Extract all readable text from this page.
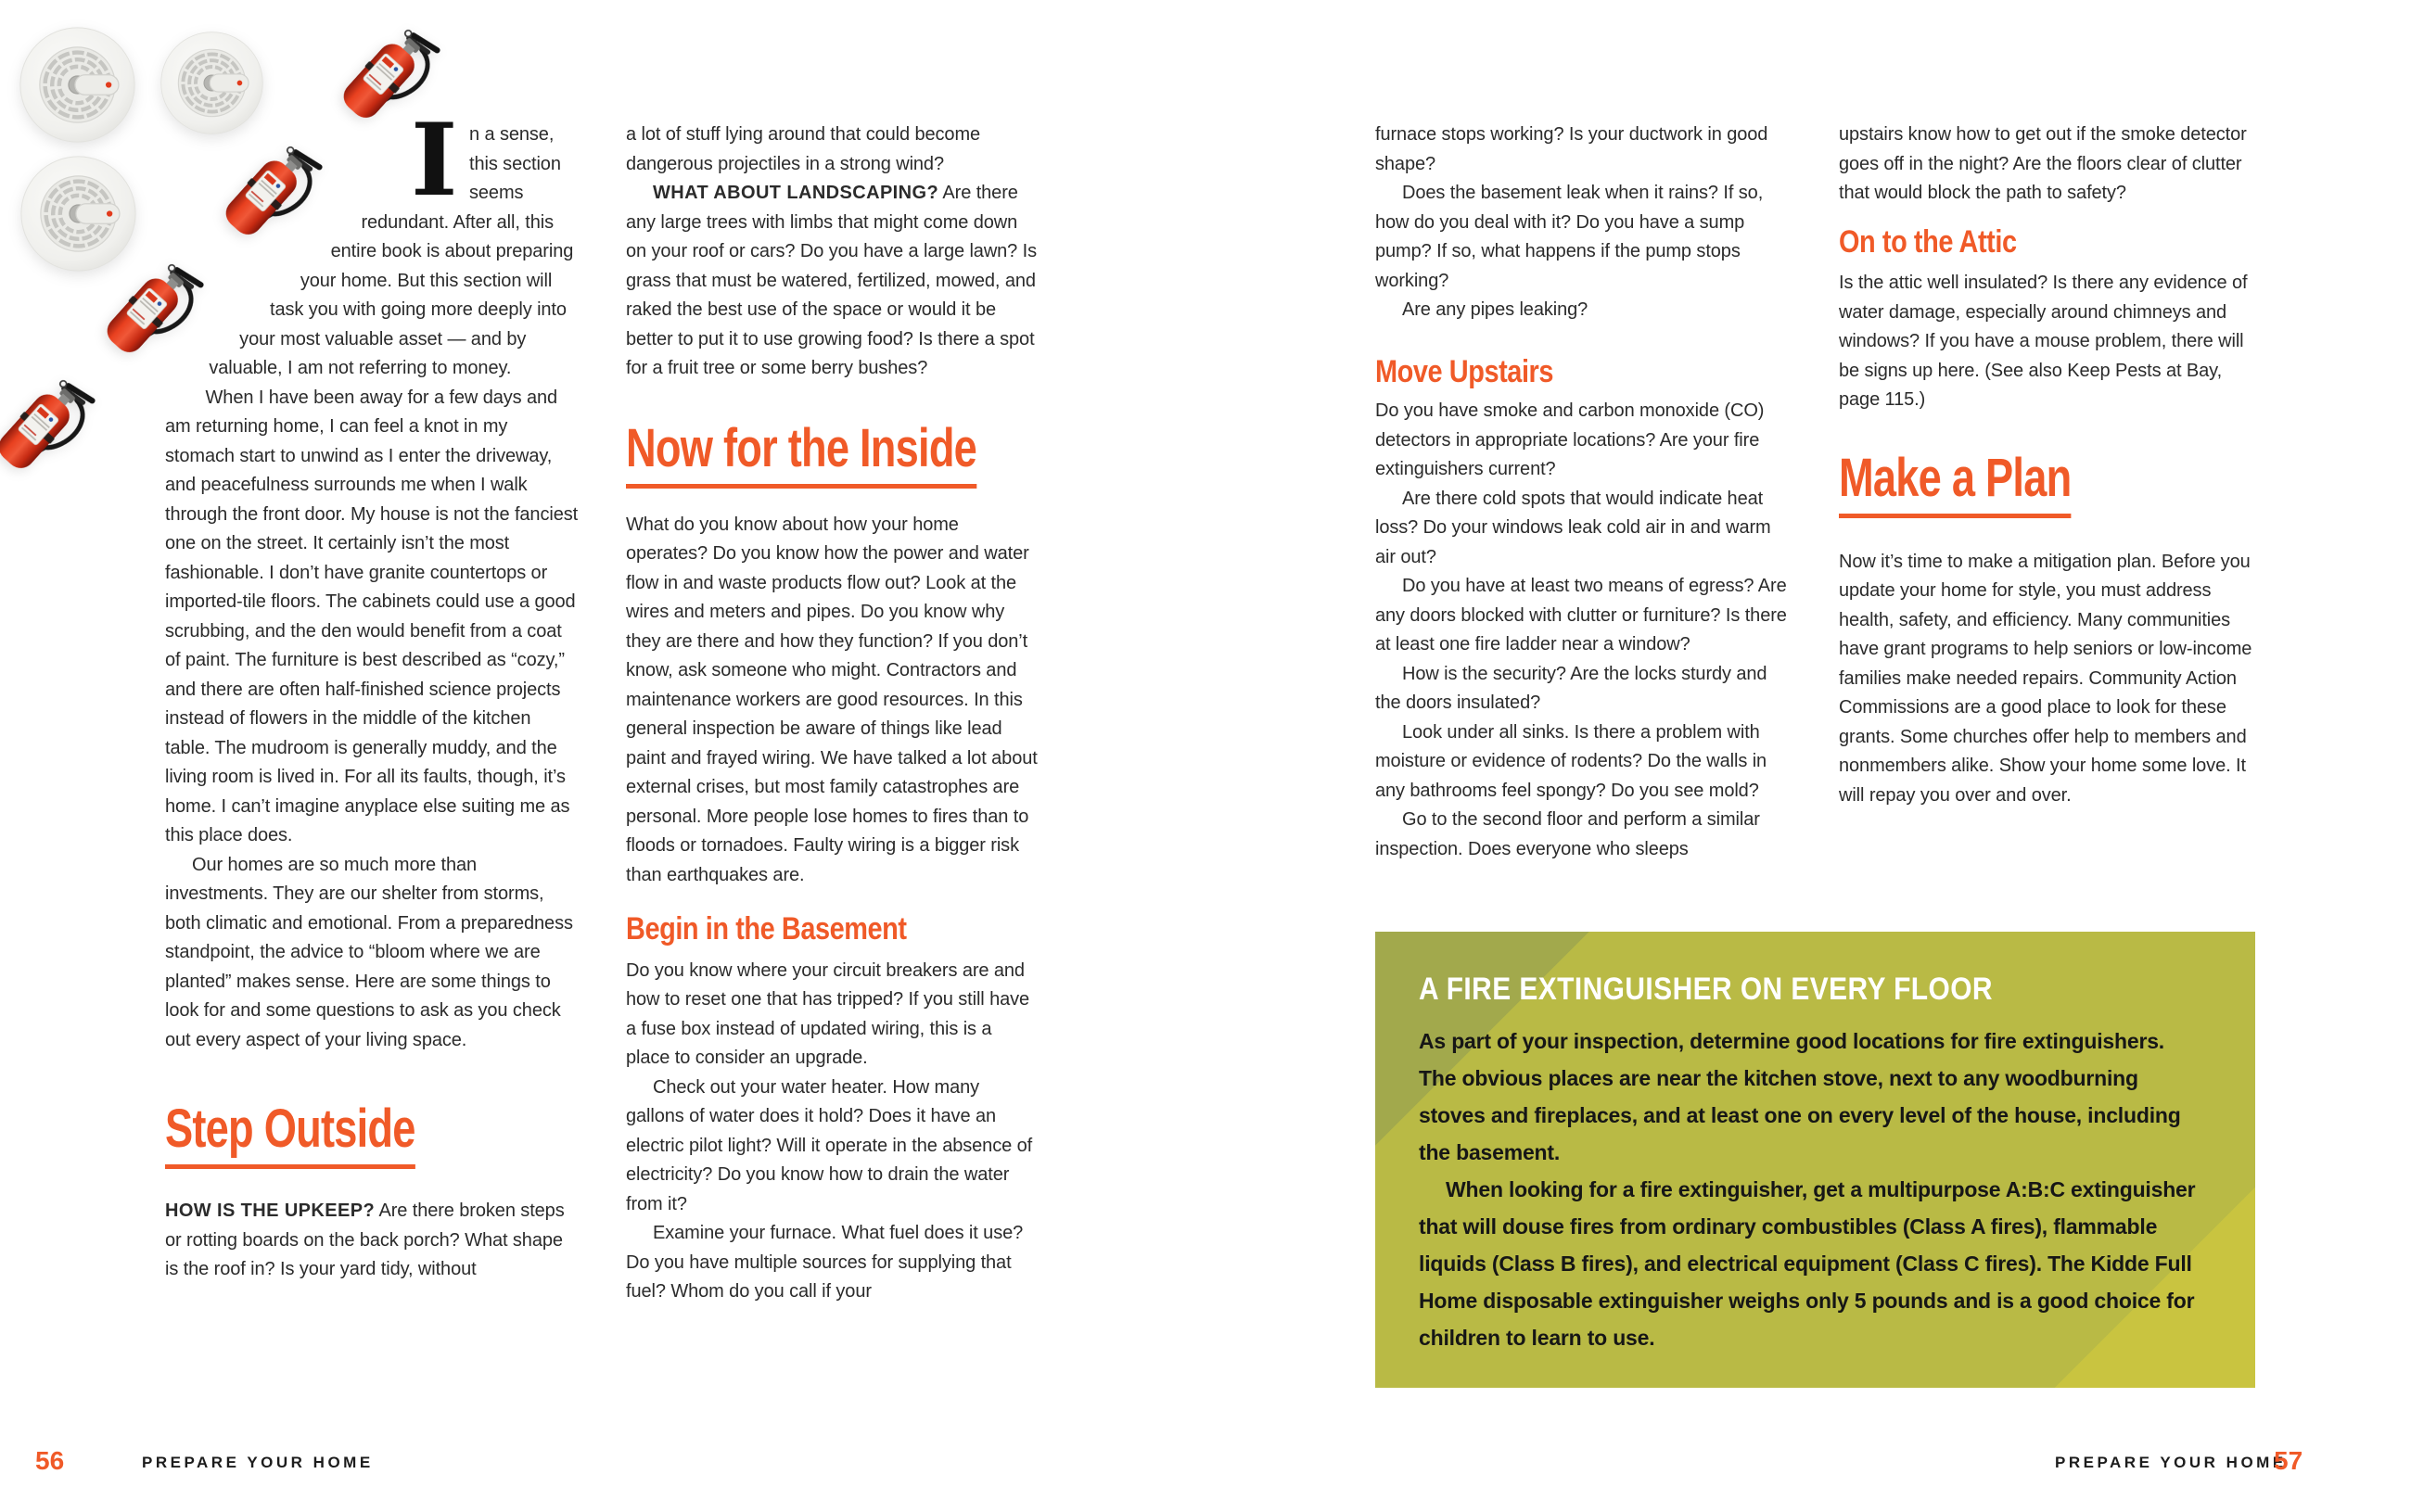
I n a sense, this section seems redundant. After all, this entire book is about preparing your home. But this section will task you with going more deeply into your most valuable asset — and by valuable, I am not referring to money.

When I have been away for a few days and am returning home, I can feel a knot in my stomach start to unwind as I enter the driveway, and peacefulness surrounds me when I walk through the front door. My house is not the fanciest one on the street. It certainly isn’t the most fashionable. I don’t have granite countertops or imported-tile floors. The cabinets could use a good scrubbing, and the den would benefit from a coat of paint. The furniture is best described as “cozy,” and there are often half-finished science projects instead of flowers in the middle of the kitchen table. The mudroom is generally muddy, and the living room is lived in. For all its faults, though, it’s home. I can’t imagine anyplace else suiting me as this place does.

Our homes are so much more than investments. They are our shelter from storms, both climatic and emotional. From a preparedness standpoint, the advice to “bloom where we are planted” makes sense. Here are some things to look for and some questions to ask as you check out every aspect of your living space.

Step Outside

HOW IS THE UPKEEP? Are there broken steps or rotting boards on the back porch? What shape is the roof in? Is your yard tidy, without

a lot of stuff lying around that could become dangerous projectiles in a strong wind?

WHAT ABOUT LANDSCAPING? Are there any large trees with limbs that might come down on your roof or cars? Do you have a large lawn? Is grass that must be watered, fertilized, mowed, and raked the best use of the space or would it be better to put it to use growing food? Is there a spot for a fruit tree or some berry bushes?

Now for the Inside

What do you know about how your home operates? Do you know how the power and water flow in and waste products flow out? Look at the wires and meters and pipes. Do you know why they are there and how they function? If you don’t know, ask someone who might. Contractors and maintenance workers are good resources. In this general inspection be aware of things like lead paint and frayed wiring. We have talked a lot about external crises, but most family catastrophes are personal. More people lose homes to fires than to floods or tornadoes. Faulty wiring is a bigger risk than earthquakes are.

Begin in the Basement

Do you know where your circuit breakers are and how to reset one that has tripped? If you still have a fuse box instead of updated wiring, this is a place to consider an upgrade.

Check out your water heater. How many gallons of water does it hold? Does it have an electric pilot light? Will it operate in the absence of electricity? Do you know how to drain the water from it?

Examine your furnace. What fuel does it use? Do you have multiple sources for supplying that fuel? Whom do you call if your

furnace stops working? Is your ductwork in good shape?

Does the basement leak when it rains? If so, how do you deal with it? Do you have a sump pump? If so, what happens if the pump stops working?

Are any pipes leaking?

Move Upstairs

Do you have smoke and carbon monoxide (CO) detectors in appropriate locations? Are your fire extinguishers current?

Are there cold spots that would indicate heat loss? Do your windows leak cold air in and warm air out?

Do you have at least two means of egress? Are any doors blocked with clutter or furniture? Is there at least one fire ladder near a window?

How is the security? Are the locks sturdy and the doors insulated?

Look under all sinks. Is there a problem with moisture or evidence of rodents? Do the walls in any bathrooms feel spongy? Do you see mold?

Go to the second floor and perform a similar inspection. Does everyone who sleeps

upstairs know how to get out if the smoke detector goes off in the night? Are the floors clear of clutter that would block the path to safety?

On to the Attic

Is the attic well insulated? Is there any evidence of water damage, especially around chimneys and windows? If you have a mouse problem, there will be signs up here. (See also Keep Pests at Bay, page 115.)

Make a Plan

Now it’s time to make a mitigation plan. Before you update your home for style, you must address health, safety, and efficiency. Many communities have grant programs to help seniors or low-income families make needed repairs. Community Action Commissions are a good place to look for these grants. Some churches offer help to members and nonmembers alike. Show your home some love. It will repay you over and over.

A FIRE EXTINGUISHER ON EVERY FLOOR

As part of your inspection, determine good locations for fire extinguishers. The obvious places are near the kitchen stove, next to any woodburning stoves and fireplaces, and at least one on every level of the house, including the basement.

When looking for a fire extinguisher, get a multipurpose A:B:C extinguisher that will douse fires from ordinary combustibles (Class A fires), flammable liquids (Class B fires), and electrical equipment (Class C fires). The Kidde Full Home disposable extinguisher weighs only 5 pounds and is a good choice for children to learn to use.

56	PREPARE YOUR HOME	PREPARE YOUR HOME
57
